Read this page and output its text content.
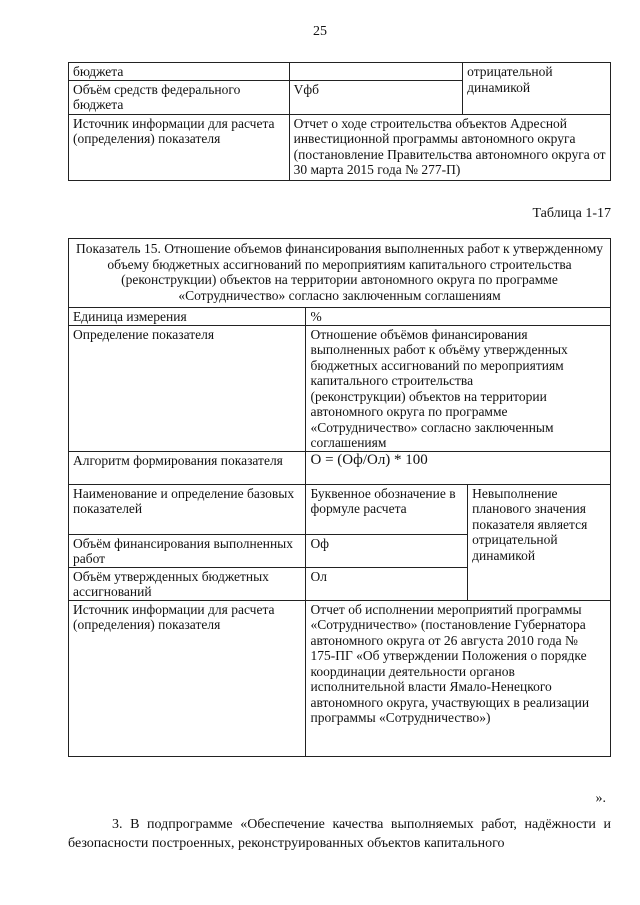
25
бюджета		отрицательной
динамикой

Объём средств федерального бюджета	Vфб	
Источник информации для расчета (определения) показателя	Отчет о ходе строительства объектов Адресной инвестиционной программы автономного округа (постановление Правительства автономного округа от 30 марта 2015 года № 277-П)	
Таблица 1-17
Показатель 15. Отношение объемов финансирования выполненных работ к утвержденному объему бюджетных ассигнований по мероприятиям капитального строительства (реконструкции) объектов на территории автономного округа по программе «Сотрудничество» согласно заключенным соглашениям		
Единица измерения	%	
Определение показателя	Отношение объёмов финансирования выполненных работ к объёму утвержденных бюджетных ассигнований по мероприятиям капитального строительства (реконструкции) объектов на территории автономного округа по программе «Сотрудничество» согласно заключенным соглашениям	
Алгоритм формирования показателя	O = (Оф/Ол) * 100	
Наименование и определение базовых показателей	Буквенное обозначение в формуле расчета	Невыполнение планового значения показателя является отрицательной динамикой
Объём финансирования выполненных работ	Оф	
Объём утвержденных бюджетных ассигнований	Ол	
Источник информации для расчета (определения) показателя	Отчет об исполнении мероприятий программы «Сотрудничество» (постановление Губернатора автономного округа от 26 августа 2010 года № 175-ПГ «Об утверждении Положения о порядке координации деятельности органов исполнительной власти Ямало-Ненецкого автономного округа, участвующих в реализации программы «Сотрудничество»)	
».
3. В подпрограмме «Обеспечение качества выполняемых работ, надёжности и безопасности построенных, реконструированных объектов капитального
